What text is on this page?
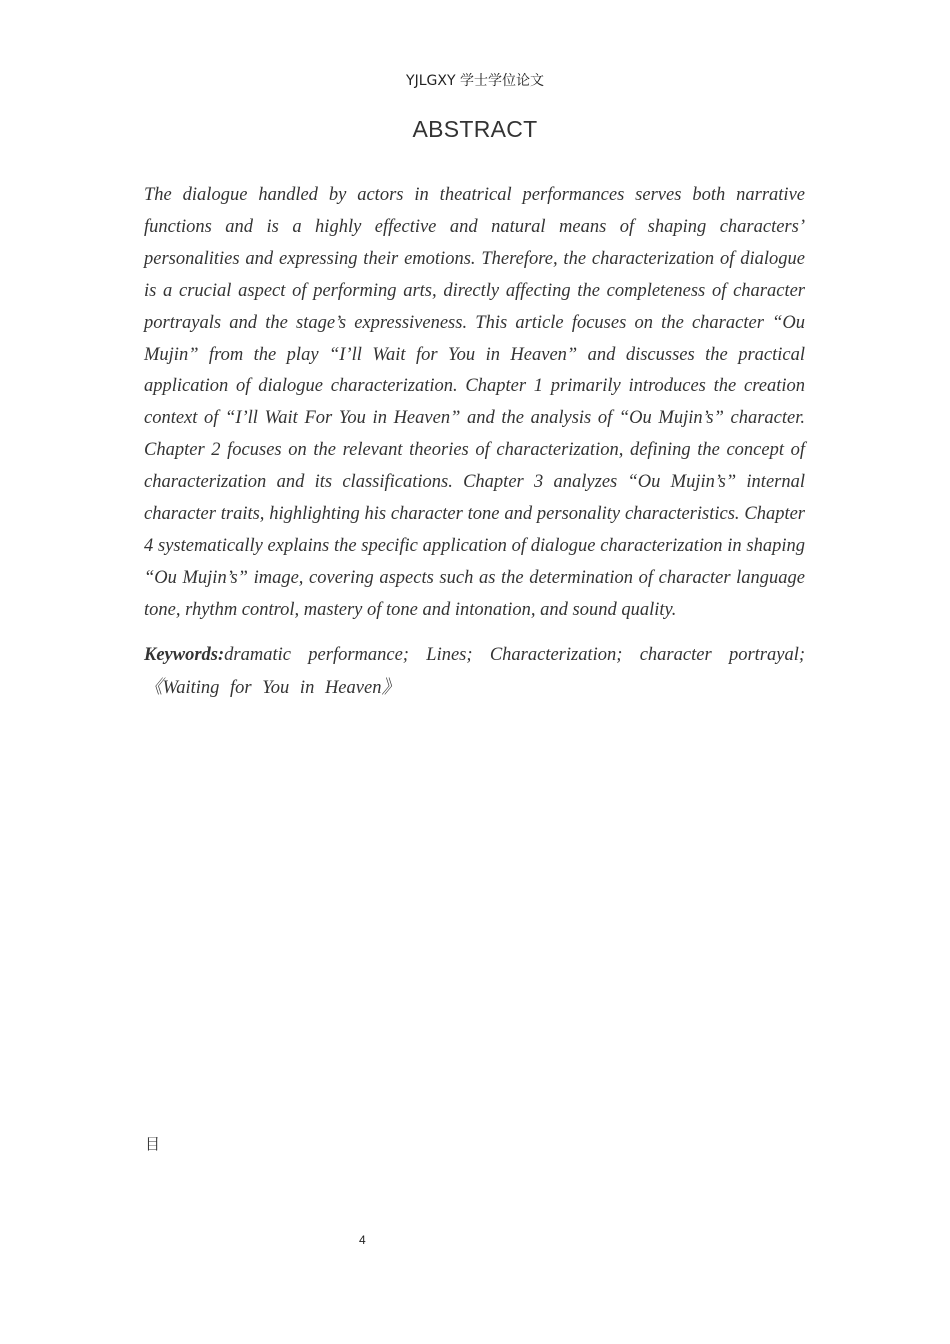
YJLGXY 学士学位论文
ABSTRACT

The dialogue handled by actors in theatrical performances serves both narrative functions and is a highly effective and natural means of shaping characters’ personalities and expressing their emotions. Therefore, the characterization of dialogue is a crucial aspect of performing arts, directly affecting the completeness of character portrayals and the stage’s expressiveness. This article focuses on the character “Ou Mujin” from the play “I’ll Wait for You in Heaven” and discusses the practical application of dialogue characterization. Chapter 1 primarily introduces the creation context of “I’ll Wait For You in Heaven” and the analysis of “Ou Mujin’s” character. Chapter 2 focuses on the relevant theories of characterization, defining the concept of characterization and its classifications. Chapter 3 analyzes “Ou Mujin’s” internal character traits, highlighting his character tone and personality characteristics. Chapter 4 systematically explains the specific application of dialogue characterization in shaping “Ou Mujin’s” image, covering aspects such as the determination of character language tone, rhythm control, mastery of tone and intonation, and sound quality.

Keywords:dramatic performance; Lines; Characterization; character portrayal; 《Waiting for You in Heaven》

目
4
